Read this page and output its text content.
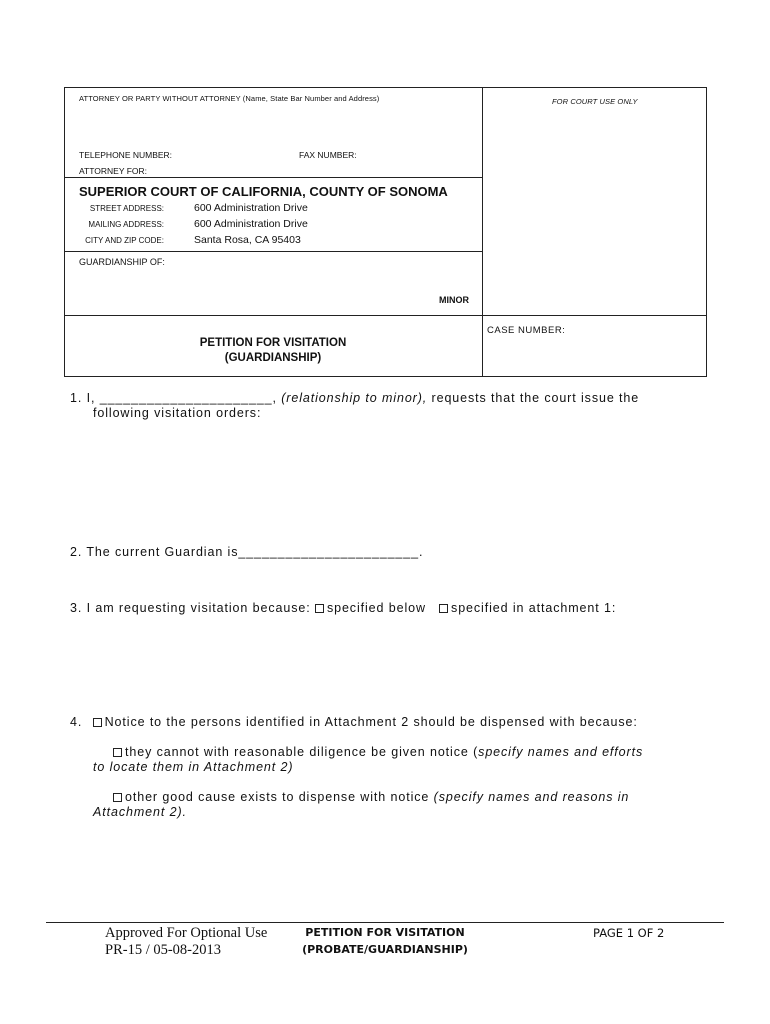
ATTORNEY OR PARTY WITHOUT ATTORNEY (Name, State Bar Number and Address)	FOR COURT USE ONLY
TELEPHONE NUMBER:	FAX NUMBER:
ATTORNEY FOR:
SUPERIOR COURT OF CALIFORNIA, COUNTY OF SONOMA
STREET ADDRESS:	600 Administration Drive
MAILING ADDRESS:	600 Administration Drive
CITY AND ZIP CODE:	Santa Rosa, CA 95403
GUARDIANSHIP OF:
MINOR
PETITION FOR VISITATION
(GUARDIANSHIP)
CASE NUMBER:
1. I, ______________________, (relationship to minor), requests that the court issue the
following visitation orders:
2. The current Guardian is_______________________.
3. I am requesting visitation because: specified below specified in attachment 1:
4. Notice to the persons identified in Attachment 2 should be dispensed with because:
they cannot with reasonable diligence be given notice (specify names and efforts
to locate them in Attachment 2)
other good cause exists to dispense with notice (specify names and reasons in
Attachment 2).
Approved For Optional Use
PR-15 / 05-08-2013
PETITION FOR VISITATION
(PROBATE/GUARDIANSHIP)
PAGE 1 OF 2
